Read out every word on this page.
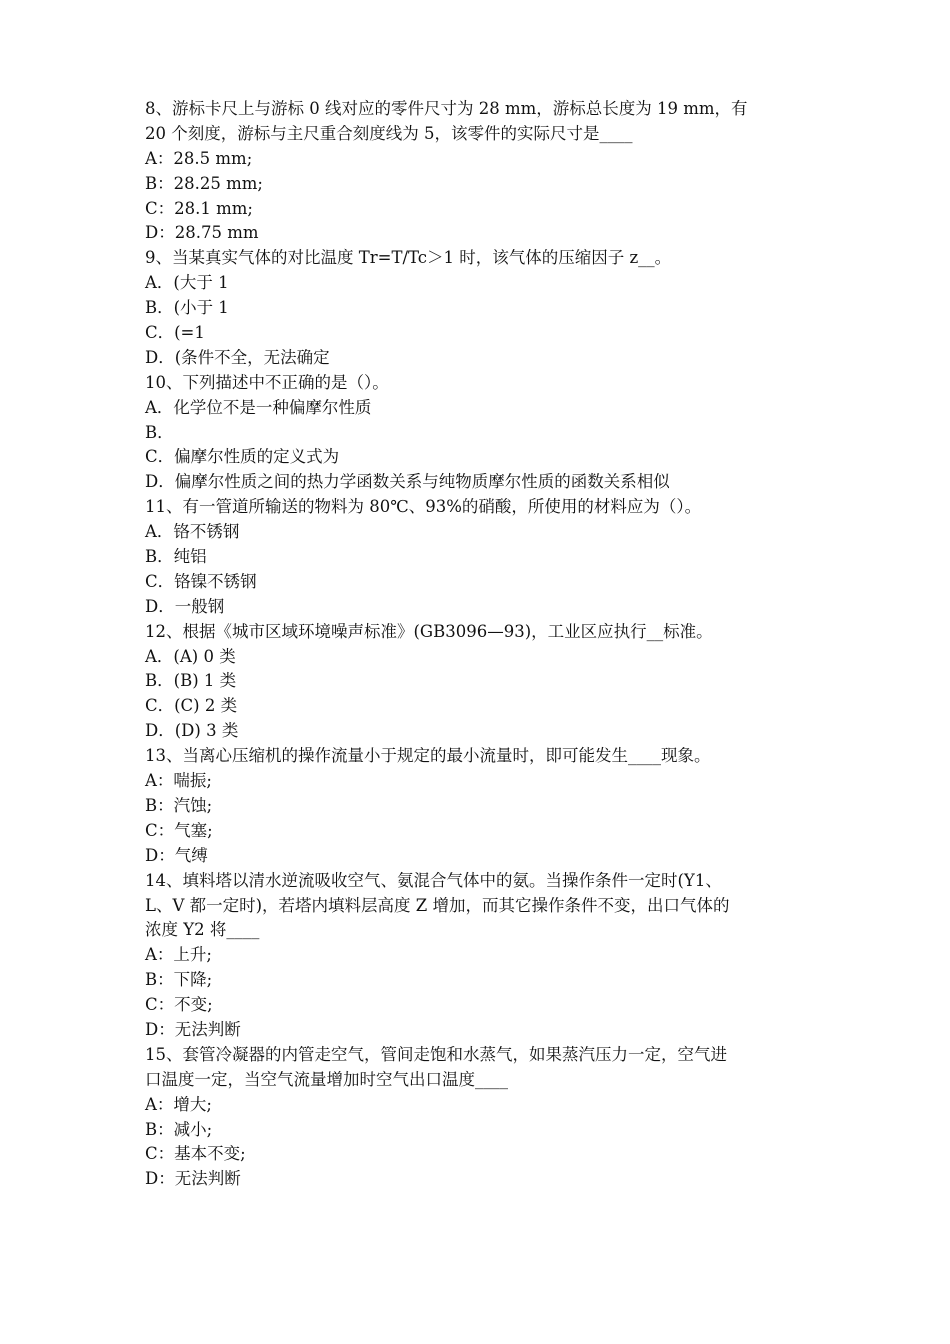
8、游标卡尺上与游标 0 线对应的零件尺寸为 28 mm，游标总长度为 19 mm，有
20 个刻度，游标与主尺重合刻度线为 5，该零件的实际尺寸是____
A：28.5 mm;
B：28.25 mm;
C：28.1 mm;
D：28.75 mm
9、当某真实气体的对比温度 Tr=T/Tc＞1 时，该气体的压缩因子 z__。
A．(大于 1
B．(小于 1
C．(=1
D．(条件不全，无法确定
10、下列描述中不正确的是（）。
A．化学位不是一种偏摩尔性质
B．
C．偏摩尔性质的定义式为
D．偏摩尔性质之间的热力学函数关系与纯物质摩尔性质的函数关系相似
11、有一管道所输送的物料为 80℃、93%的硝酸，所使用的材料应为（）。
A．铬不锈钢
B．纯铝
C．铬镍不锈钢
D．一般钢
12、根据《城市区域环境噪声标准》(GB3096—93)，工业区应执行__标准。
A．(A) 0 类
B．(B) 1 类
C．(C) 2 类
D．(D) 3 类
13、当离心压缩机的操作流量小于规定的最小流量时，即可能发生____现象。
A：喘振;
B：汽蚀;
C：气塞;
D：气缚
14、填料塔以清水逆流吸收空气、氨混合气体中的氨。当操作条件一定时(Y1、
L、V 都一定时)，若塔内填料层高度 Z 增加，而其它操作条件不变，出口气体的
浓度 Y2 将____
A：上升;
B：下降;
C：不变;
D：无法判断
15、套管冷凝器的内管走空气，管间走饱和水蒸气，如果蒸汽压力一定，空气进
口温度一定，当空气流量增加时空气出口温度____
A：增大;
B：减小;
C：基本不变;
D：无法判断
